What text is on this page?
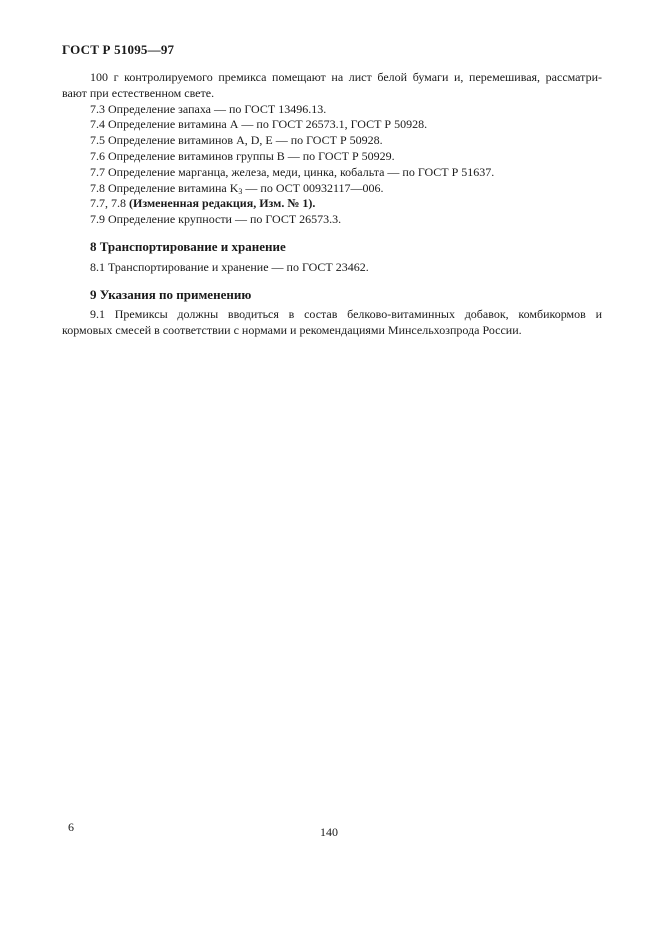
ГОСТ Р 51095—97

100 г контролируемого премикса помещают на лист белой бумаги и, перемешивая, рассматри-

вают при естественном свете.

7.3 Определение запаха — по ГОСТ 13496.13.

7.4 Определение витамина А — по ГОСТ 26573.1, ГОСТ Р 50928.

7.5 Определение витаминов А, D, Е — по ГОСТ Р 50928.

7.6 Определение витаминов группы В — по ГОСТ Р 50929.

7.7 Определение марганца, железа, меди, цинка, кобальта — по ГОСТ Р 51637.

7.8 Определение витамина $K_3$ — по ОСТ 00932117—006.

7.7, 7.8 (Измененная редакция, Изм. № 1).

7.9 Определение крупности — по ГОСТ 26573.3.

8 Транспортирование и хранение

8.1 Транспортирование и хранение — по ГОСТ 23462.

9 Указания по применению

9.1 Премиксы должны вводиться в состав белково-витаминных добавок, комбикормов и

кормовых смесей в соответствии с нормами и рекомендациями Минсельхозпрода России.

6	140
